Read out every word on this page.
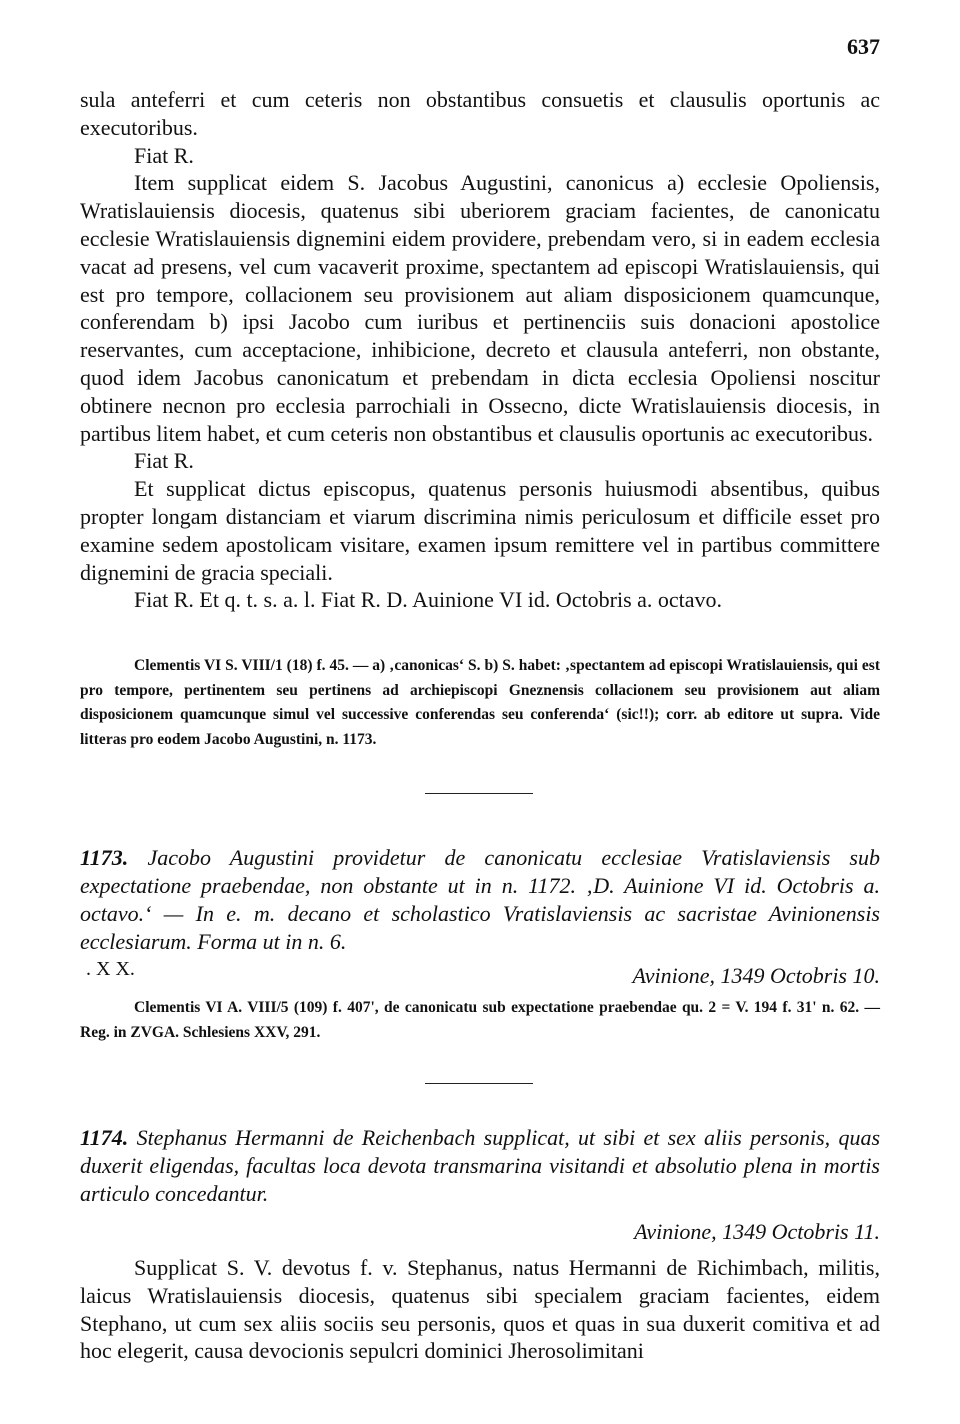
637

sula anteferri et cum ceteris non obstantibus consuetis et clausulis oportunis ac executoribus.

Fiat R.

Item supplicat eidem S. Jacobus Augustini, canonicus a) ecclesie Opoliensis, Wratislauiensis diocesis, quatenus sibi uberiorem graciam facientes, de canonicatu ecclesie Wratislauiensis dignemini eidem providere, prebendam vero, si in eadem ecclesia vacat ad presens, vel cum vacaverit proxime, spectantem ad episcopi Wratislauiensis, qui est pro tempore, collacionem seu provisionem aut aliam disposicionem quamcunque, conferendam b) ipsi Jacobo cum iuribus et pertinenciis suis donacioni apostolice reservantes, cum acceptacione, inhibicione, decreto et clausula anteferri, non obstante, quod idem Jacobus canonicatum et prebendam in dicta ecclesia Opoliensi noscitur obtinere necnon pro ecclesia parrochiali in Ossecno, dicte Wratislauiensis diocesis, in partibus litem habet, et cum ceteris non obstantibus et clausulis oportunis ac executoribus.

Fiat R.

Et supplicat dictus episcopus, quatenus personis huiusmodi absentibus, quibus propter longam distanciam et viarum discrimina nimis periculosum et difficile esset pro examine sedem apostolicam visitare, examen ipsum remittere vel in partibus committere dignemini de gracia speciali.

Fiat R. Et q. t. s. a. l. Fiat R. D. Auinione VI id. Octobris a. octavo.

Clementis VI S. VIII/1 (18) f. 45. — a) ‚canonicas‘ S. b) S. habet: ‚spectantem ad episcopi Wratislauiensis, qui est pro tempore, pertinentem seu pertinens ad archiepiscopi Gneznensis collacionem seu provisionem aut aliam disposicionem quamcunque simul vel successive conferendas seu conferenda‘ (sic!!); corr. ab editore ut supra. Vide litteras pro eodem Jacobo Augustini, n. 1173.

1173. Jacobo Augustini providetur de canonicatu ecclesiae Vratislaviensis sub expectatione praebendae, non obstante ut in n. 1172. ‚D. Auinione VI id. Octobris a. octavo.‘ — In e. m. decano et scholastico Vratislaviensis ac sacristae Avinionensis ecclesiarum. Forma ut in n. 6.

Avinione, 1349 Octobris 10.

. X X.

Clementis VI A. VIII/5 (109) f. 407', de canonicatu sub expectatione praebendae qu. 2 = V. 194 f. 31' n. 62. — Reg. in ZVGA. Schlesiens XXV, 291.

1174. Stephanus Hermanni de Reichenbach supplicat, ut sibi et sex aliis personis, quas duxerit eligendas, facultas loca devota transmarina visitandi et absolutio plena in mortis articulo concedantur.

Avinione, 1349 Octobris 11.

Supplicat S. V. devotus f. v. Stephanus, natus Hermanni de Richimbach, militis, laicus Wratislauiensis diocesis, quatenus sibi specialem graciam facientes, eidem Stephano, ut cum sex aliis sociis seu personis, quos et quas in sua duxerit comitiva et ad hoc elegerit, causa devocionis sepulcri dominici Jherosolimitani
